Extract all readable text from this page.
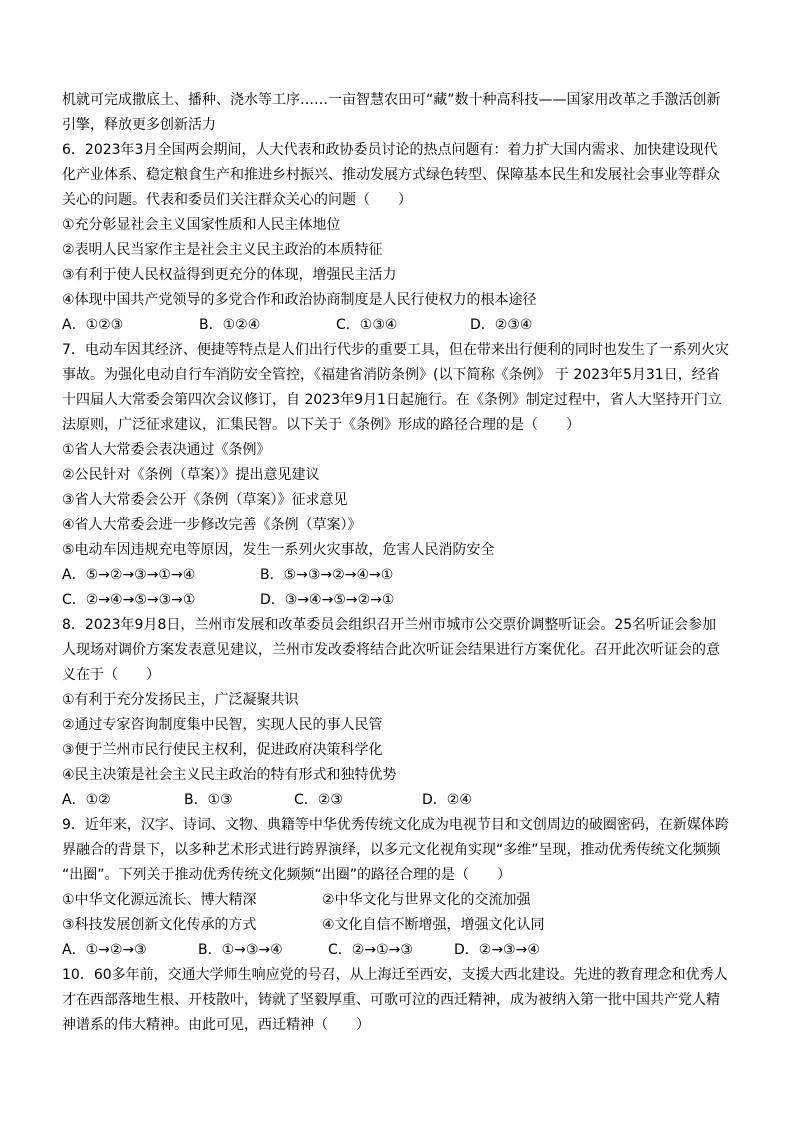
机就可完成撒底土、播种、浇水等工序……一亩智慧农田可“藏”数十种高科技——国家用改革之手激活创新
引擎，释放更多创新活力
6．2023年3月全国两会期间，人大代表和政协委员讨论的热点问题有：着力扩大国内需求、加快建设现代
化产业体系、稳定粮食生产和推进乡村振兴、推动发展方式绿色转型、保障基本民生和发展社会事业等群众
关心的问题。代表和委员们关注群众关心的问题（　　）
①充分彰显社会主义国家性质和人民主体地位
②表明人民当家作主是社会主义民主政治的本质特征
③有利于使人民权益得到更充分的体现，增强民主活力
④体现中国共产党领导的多党合作和政治协商制度是人民行使权力的根本途径
A．①②③	B．①②④	C．①③④	D．②③④
7．电动车因其经济、便捷等特点是人们出行代步的重要工具，但在带来出行便利的同时也发生了一系列火灾
事故。为强化电动自行车消防安全管控，《福建省消防条例》(以下简称《条例》 于 2023年5月31日，经省
十四届人大常委会第四次会议修订，自 2023年9月1日起施行。在《条例》制定过程中，省人大坚持开门立
法原则，广泛征求建议，汇集民智。以下关于《条例》形成的路径合理的是（　　）
①省人大常委会表决通过《条例》
②公民针对《条例（草案）》提出意见建议
③省人大常委会公开《条例（草案）》征求意见
④省人大常委会进一步修改完善《条例（草案）》
⑤电动车因违规充电等原因，发生一系列火灾事故，危害人民消防安全
A．⑤→②→③→①→④	B．⑤→③→②→④→①
C．②→④→⑤→③→①	D．③→④→⑤→②→①
8．2023年9月8日，兰州市发展和改革委员会组织召开兰州市城市公交票价调整听证会。25名听证会参加
人现场对调价方案发表意见建议，兰州市发改委将结合此次听证会结果进行方案优化。召开此次听证会的意
义在于（　　）
①有利于充分发扬民主，广泛凝聚共识
②通过专家咨询制度集中民智，实现人民的事人民管
③便于兰州市民行使民主权利，促进政府决策科学化
④民主决策是社会主义民主政治的特有形式和独特优势
A．①②	B．①③	C．②③	D．②④
9．近年来，汉字、诗词、文物、典籍等中华优秀传统文化成为电视节目和文创周边的破圈密码，在新媒体跨
界融合的背景下，以多种艺术形式进行跨界演绎，以多元文化视角实现“多维”呈现，推动优秀传统文化频频
“出圈”。下列关于推动优秀传统文化频频“出圈”的路径合理的是（　　）
①中华文化源远流长、博大精深	②中华文化与世界文化的交流加强
③科技发展创新文化传承的方式	④文化自信不断增强，增强文化认同
A．①→②→③	B．①→③→④	C．②→①→③	D．②→③→④
10．60多年前，交通大学师生响应党的号召，从上海迁至西安，支援大西北建设。先进的教育理念和优秀人
才在西部落地生根、开枝散叶，铸就了坚毅厚重、可歌可泣的西迁精神，成为被纳入第一批中国共产党人精
神谱系的伟大精神。由此可见，西迁精神（　　）
